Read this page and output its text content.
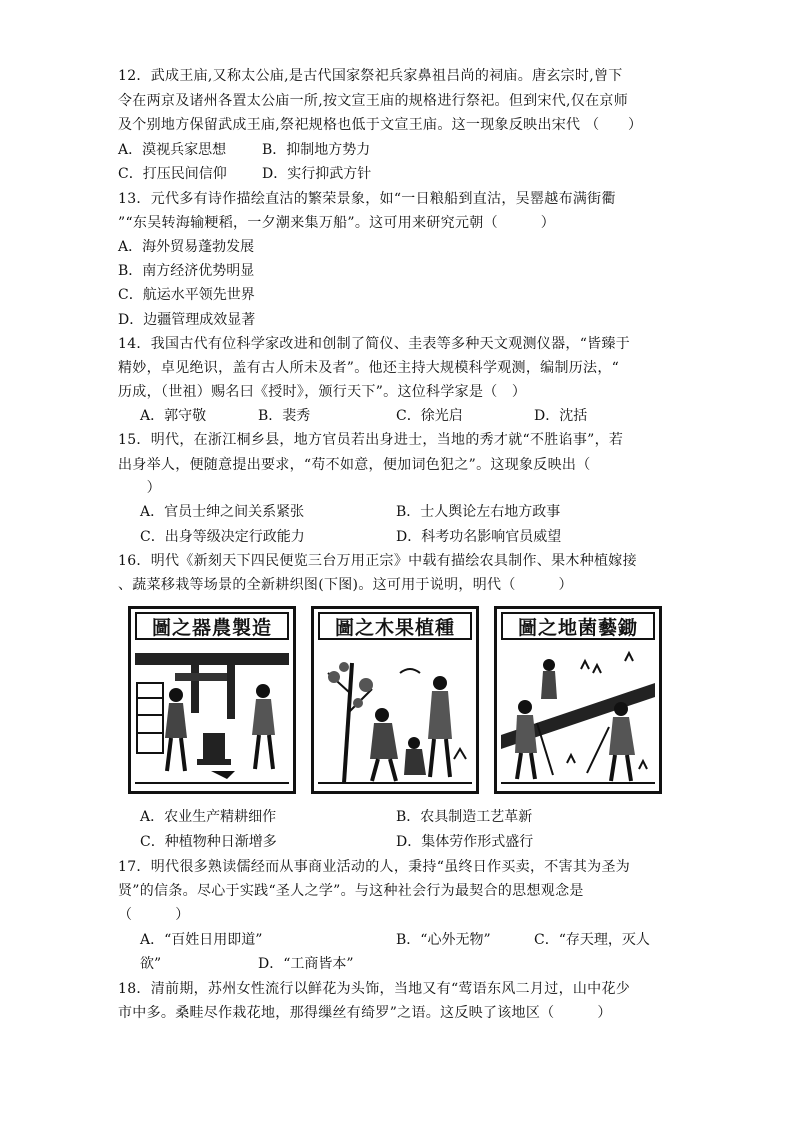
12．武成王庙,又称太公庙,是古代国家祭祀兵家鼻祖吕尚的祠庙。唐玄宗时,曾下
令在两京及诸州各置太公庙一所,按文宣王庙的规格进行祭祀。但到宋代,仅在京师
及个别地方保留武成王庙,祭祀规格也低于文宣王庙。这一现象反映出宋代 （　　）
A．漠视兵家思想	B．抑制地方势力
C．打压民间信仰	D．实行抑武方针
13．元代多有诗作描绘直沽的繁荣景象，如“一日粮船到直沽，吴罂越布满街衢
”“东吴转海输粳稻，一夕潮来集万船”。这可用来研究元朝（　　　）
A．海外贸易蓬勃发展
B．南方经济优势明显
C．航运水平领先世界
D．边疆管理成效显著
14．我国古代有位科学家改进和创制了简仪、圭表等多种天文观测仪器，“皆臻于
精妙，卓见绝识，盖有古人所未及者”。他还主持大规模科学观测，编制历法，“
历成，（世祖）赐名曰《授时》，颁行天下”。这位科学家是（　）
A．郭守敬	B．裴秀	C．徐光启	D．沈括
15．明代，在浙江桐乡县，地方官员若出身进士，当地的秀才就“不胜谄事”，若
出身举人，便随意提出要求，“苟不如意，便加词色犯之”。这现象反映出（
　　）
A．官员士绅之间关系紧张	B．士人舆论左右地方政事
C．出身等级决定行政能力	D．科考功名影响官员威望
16．明代《新刻天下四民便览三台万用正宗》中载有描绘农具制作、果木种植嫁接
、蔬菜移栽等场景的全新耕织图(下图)。这可用于说明，明代（　　　）
圖之器農製造	圖之木果植種	圖之地菌藝鋤
A．农业生产精耕细作	B．农具制造工艺革新
C．种植物种日渐增多	D．集体劳作形式盛行
17．明代很多熟读儒经而从事商业活动的人，秉持“虽终日作买卖，不害其为圣为
贤”的信条。尽心于实践“圣人之学”。与这种社会行为最契合的思想观念是
（　　　）
A．“百姓日用即道”	B．“心外无物”	C．“存天理，灭人
欲”	D．“工商皆本”
18．清前期，苏州女性流行以鲜花为头饰，当地又有“莺语东风二月过，山中花少
市中多。桑畦尽作栽花地，那得缫丝有绮罗”之语。这反映了该地区（　　　）
